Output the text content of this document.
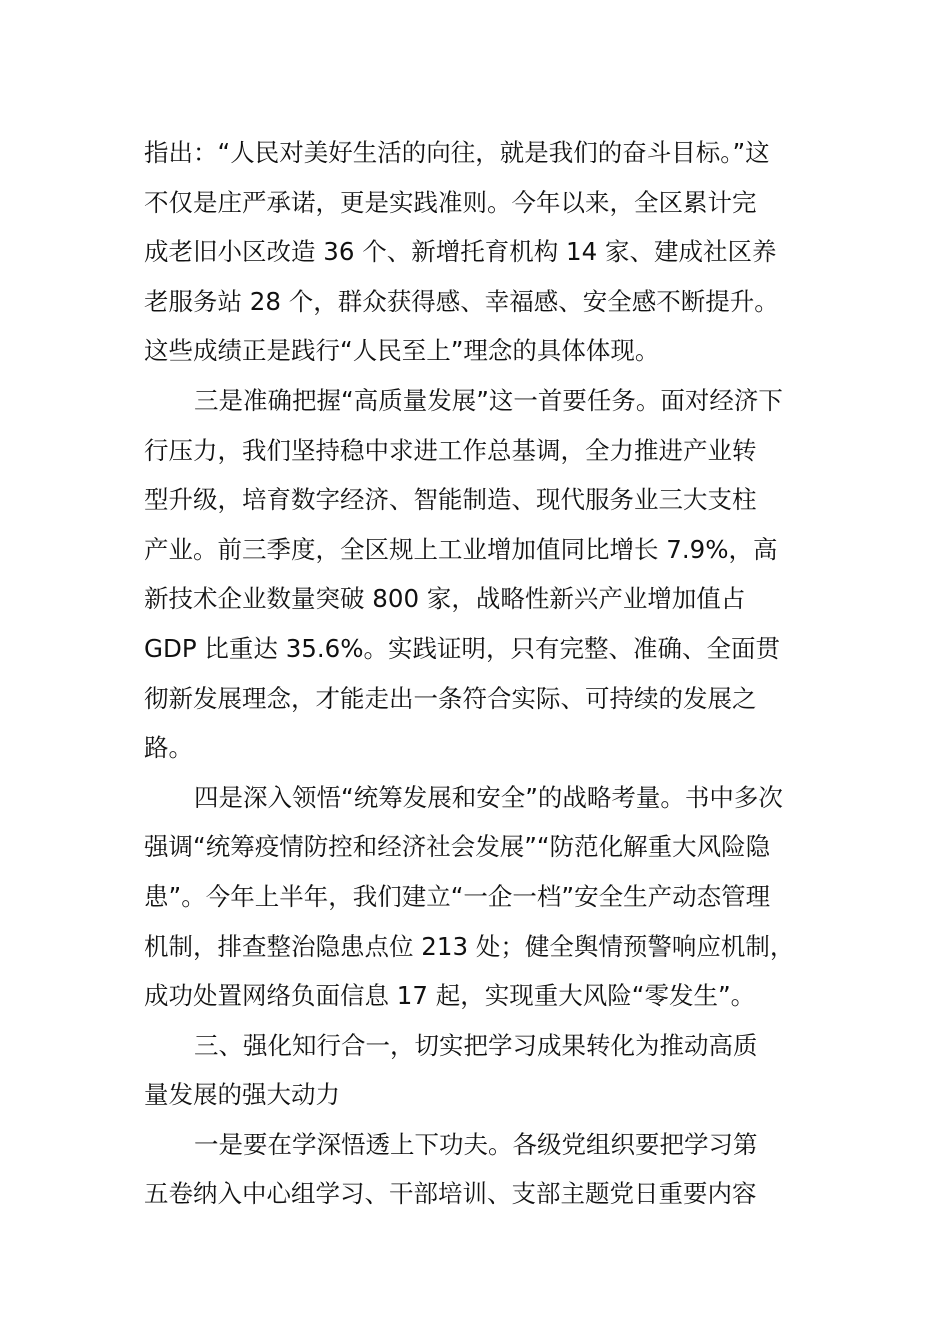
指出：“人民对美好生活的向往，就是我们的奋斗目标。”这
不仅是庄严承诺，更是实践准则。今年以来，全区累计完
成老旧小区改造 36 个、新增托育机构 14 家、建成社区养
老服务站 28 个，群众获得感、幸福感、安全感不断提升。
这些成绩正是践行“人民至上”理念的具体体现。
三是准确把握“高质量发展”这一首要任务。面对经济下
行压力，我们坚持稳中求进工作总基调，全力推进产业转
型升级，培育数字经济、智能制造、现代服务业三大支柱
产业。前三季度，全区规上工业增加值同比增长 7.9%，高
新技术企业数量突破 800 家，战略性新兴产业增加值占
GDP 比重达 35.6%。实践证明，只有完整、准确、全面贯
彻新发展理念，才能走出一条符合实际、可持续的发展之
路。
四是深入领悟“统筹发展和安全”的战略考量。书中多次
强调“统筹疫情防控和经济社会发展”“防范化解重大风险隐
患”。今年上半年，我们建立“一企一档”安全生产动态管理
机制，排查整治隐患点位 213 处；健全舆情预警响应机制，
成功处置网络负面信息 17 起，实现重大风险“零发生”。
三、强化知行合一，切实把学习成果转化为推动高质
量发展的强大动力
一是要在学深悟透上下功夫。各级党组织要把学习第
五卷纳入中心组学习、干部培训、支部主题党日重要内容
